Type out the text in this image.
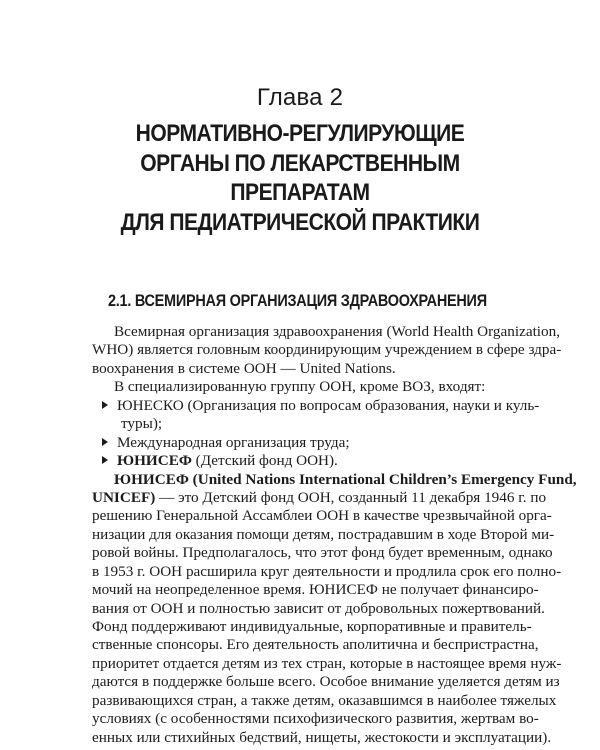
Глава 2
НОРМАТИВНО-РЕГУЛИРУЮЩИЕ
ОРГАНЫ ПО ЛЕКАРСТВЕННЫМ
ПРЕПАРАТАМ
ДЛЯ ПЕДИАТРИЧЕСКОЙ ПРАКТИКИ
2.1. ВСЕМИРНАЯ ОРГАНИЗАЦИЯ ЗДРАВООХРАНЕНИЯ
Всемирная организация здравоохранения (World Health Organization,
WHO) является головным координирующим учреждением в сфере здра-
воохранения в системе ООН — United Nations.
В специализированную группу ООН, кроме ВОЗ, входят:
ЮНЕСКО (Организация по вопросам образования, науки и куль-
туры);
Международная организация труда;
ЮНИСЕФ (Детский фонд ООН).
ЮНИСЕФ (United Nations International Children’s Emergency Fund,
UNICEF) — это Детский фонд ООН, созданный 11 декабря 1946 г. по
решению Генеральной Ассамблеи ООН в качестве чрезвычайной орга-
низации для оказания помощи детям, пострадавшим в ходе Второй ми-
ровой войны. Предполагалось, что этот фонд будет временным, однако
в 1953 г. ООН расширила круг деятельности и продлила срок его полно-
мочий на неопределенное время. ЮНИСЕФ не получает финансирo-
вания от ООН и полностью зависит от добровольных пожертвований.
Фонд поддерживают индивидуальные, корпоративные и правитель-
ственные спонсоры. Его деятельность аполитична и беспристрастна,
приоритет отдается детям из тех стран, которые в настоящее время нуж-
даются в поддержке больше всего. Особое внимание уделяется детям из
развивающихся стран, а также детям, оказавшимся в наиболее тяжелых
условиях (с особенностями психофизического развития, жертвам во-
енных или стихийных бедствий, нищеты, жестокости и эксплуатации).
